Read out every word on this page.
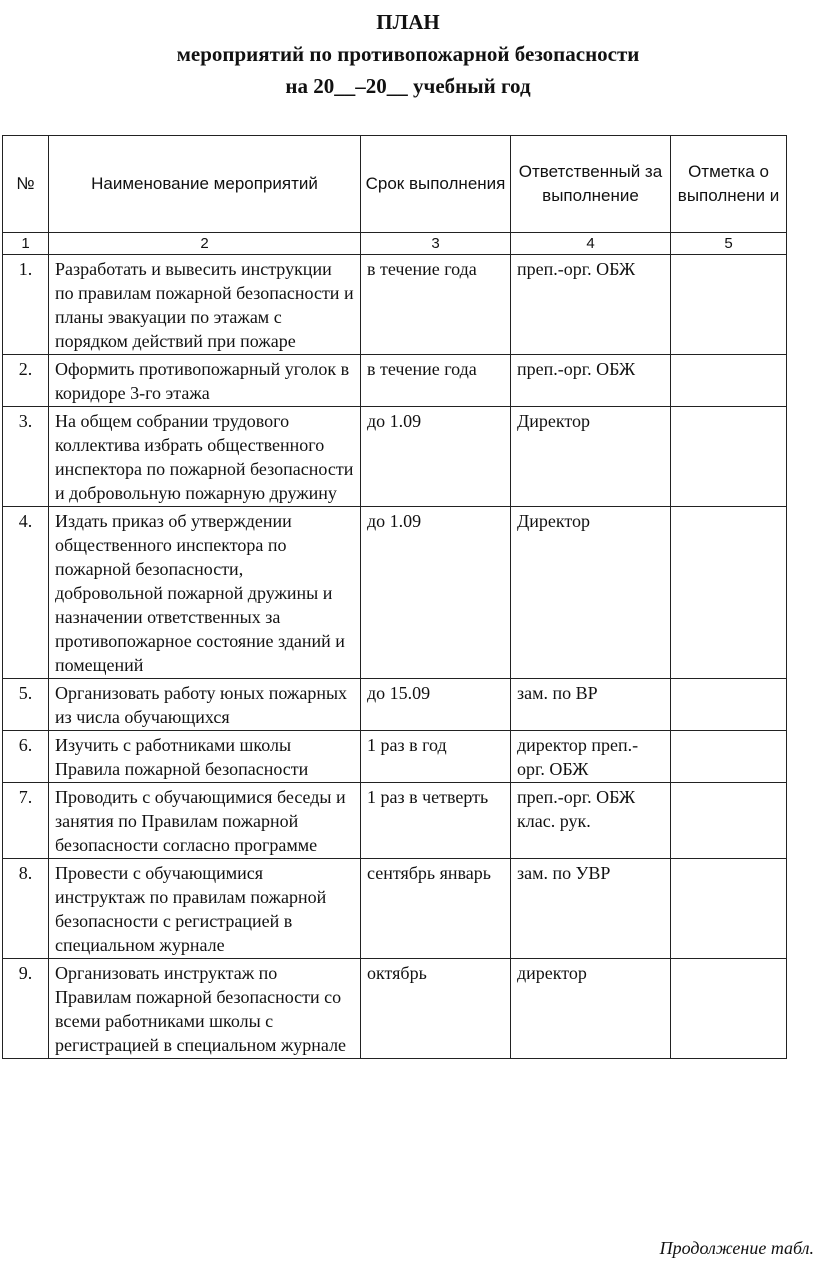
ПЛАН
мероприятий по противопожарной безопасности
на 20__–20__ учебный год
№	Наименование мероприятий	Срок выполнения	Ответственный за выполнение	Отметка о выполнени и
1	2	3	4	5
1.	Разработать и вывесить инструкции по правилам пожарной безопасности и планы эвакуации по этажам с порядком действий при пожаре	в течение года	преп.-орг. ОБЖ	
2.	Оформить противопожарный уголок в коридоре 3-го этажа	в течение года	преп.-орг. ОБЖ	
3.	На общем собрании трудового коллектива избрать общественного инспектора по пожарной безопасности и добровольную пожарную дружину	до 1.09	Директор	
4.	Издать приказ об утверждении общественного инспектора по пожарной безопасности, добровольной пожарной дружины и назначении ответственных за противопожарное состояние зданий и помещений	до 1.09	Директор	
5.	Организовать работу юных пожарных из числа обучающихся	до 15.09	зам. по ВР	
6.	Изучить с работниками школы Правила пожарной безопасности	1 раз в год	директор преп.-орг. ОБЖ	
7.	Проводить с обучающимися беседы и занятия по Правилам пожарной безопасности согласно программе	1 раз в четверть	преп.-орг. ОБЖ клас. рук.	
8.	Провести с обучающимися инструктаж по правилам пожарной безопасности с регистрацией в специальном журнале	сентябрь январь	зам. по УВР	
9.	Организовать инструктаж по Правилам пожарной безопасности со всеми работниками школы с регистрацией в специальном журнале	октябрь	директор	
Продолжение табл.
